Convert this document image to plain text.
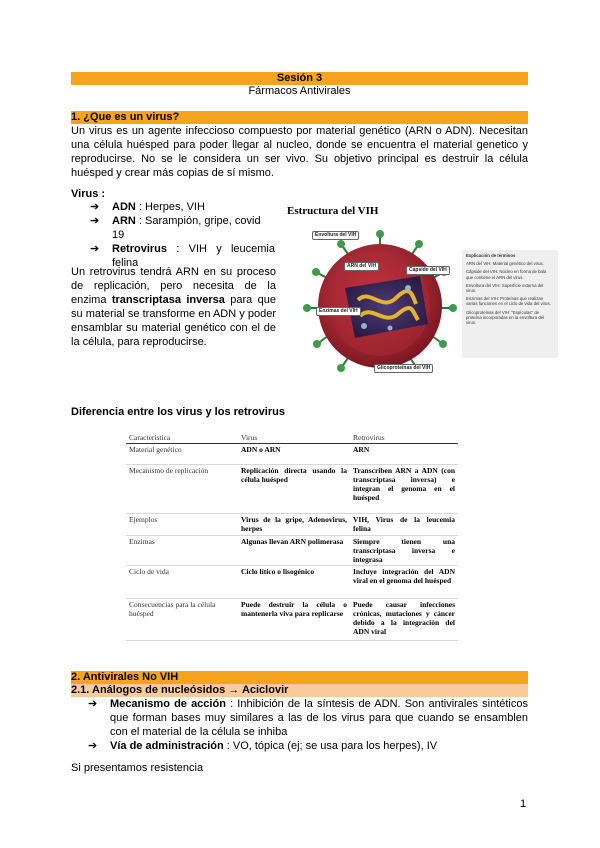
Sesión 3
Fármacos Antivirales
1. ¿Que es un virus?
Un virus es un agente infeccioso compuesto por material genético (ARN o ADN). Necesitan una célula huésped para poder llegar al nucleo, donde se encuentra el material genetico y reproducirse. No se le considera un ser vivo. Su objetivo principal es destruir la célula huésped y crear más copias de sí mismo.
Virus :
➔ ADN : Herpes, VIH
➔ ARN : Sarampión, gripe, covid 19
➔ Retrovirus : VIH y leucemia felina
Un retrovirus tendrá ARN en su proceso de replicación, pero necesita de la enzima transcriptasa inversa para que su material se transforme en ADN y poder ensamblar su material genético con el de la célula, para reproducirse.
Estructura del VIH
Envoltura del VIH
ARN del VIH
Cápside del VIH
Enzimas del VIH
Glicoproteínas del VIH
Explicación de términos
ARN del VIH: Material genético del virus.
Cápside del VIH: Núcleo en forma de bala que contiene el ARN del virus.
Envoltura del VIH: Superficie externa del virus.
Enzimas del VIH: Proteínas que realizan varias funciones en el ciclo de vida del virus.
Glicoproteínas del VIH: "Espículas" de proteína incorporadas en la envoltura del virus.
Diferencia entre los virus y los retrovirus
Característica	Virus	Retrovirus
Material genético	ADN o ARN	ARN
Mecanismo de replicación	Replicación directa usando la célula huésped	Transcriben ARN a ADN (con transcriptasa inversa) e integran el genoma en el huésped
Ejemplos	Virus de la gripe, Adenovirus, herpes	VIH, Virus de la leucemia felina
Enzimas	Algunas llevan ARN polimerasa	Siempre tienen una transcriptasa inversa e integrasa
Ciclo de vida	Ciclo lítico o lisogénico	Incluye integración del ADN viral en el genoma del huésped
Consecuencias para la célula huésped	Puede destruir la célula o mantenerla viva para replicarse	Puede causar infecciones crónicas, mutaciones y cáncer debido a la integración del ADN viral
2. Antivirales No VIH
2.1. Análogos de nucleósidos → Aciclovir
➔ Mecanismo de acción : Inhibición de la síntesis de ADN. Son antivirales sintéticos que forman bases muy similares a las de los virus para que cuando se ensamblen con el material de la célula se inhiba
➔ Vía de administración : VO, tópica (ej; se usa para los herpes), IV
Si presentamos resistencia
1
